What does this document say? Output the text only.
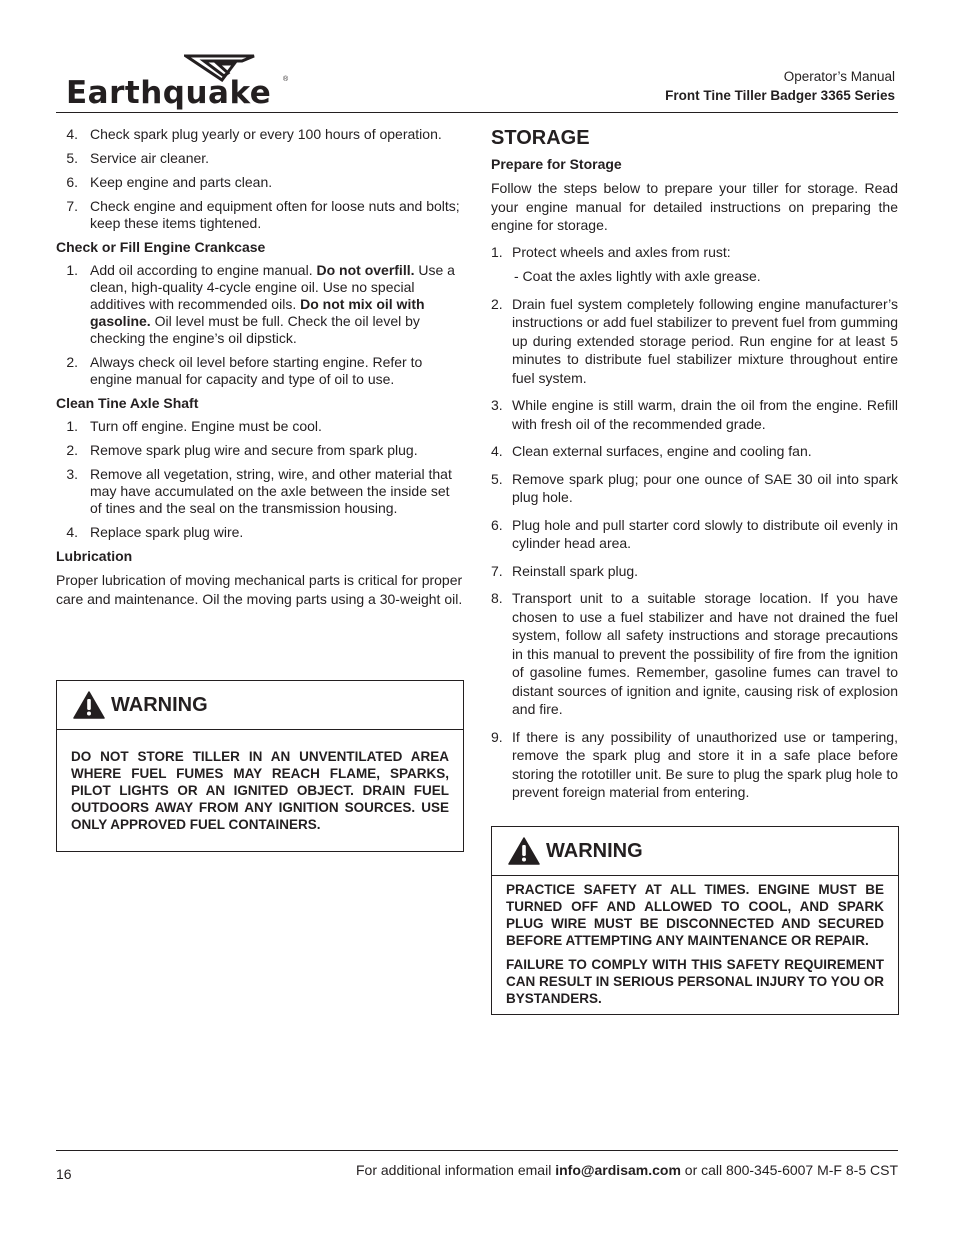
Earthquake ®	Operator’s Manual
Front Tine Tiller Badger 3365 Series
4. Check spark plug yearly or every 100 hours of operation.
5. Service air cleaner.
6. Keep engine and parts clean.
7. Check engine and equipment often for loose nuts and bolts; keep these items tightened.
Check or Fill Engine Crankcase
1. Add oil according to engine manual. Do not overfill. Use a clean, high-quality 4-cycle engine oil. Use no special additives with recommended oils. Do not mix oil with gasoline. Oil level must be full. Check the oil level by checking the engine’s oil dipstick.
2. Always check oil level before starting engine. Refer to engine manual for capacity and type of oil to use.
Clean Tine Axle Shaft
1. Turn off engine. Engine must be cool.
2. Remove spark plug wire and secure from spark plug.
3. Remove all vegetation, string, wire, and other material that may have accumulated on the axle between the inside set of tines and the seal on the transmission housing.
4. Replace spark plug wire.
Lubrication

Proper lubrication of moving mechanical parts is critical for proper care and maintenance. Oil the moving parts using a 30-weight oil.

WARNING

DO NOT STORE TILLER IN AN UNVENTILATED AREA WHERE FUEL FUMES MAY REACH FLAME, SPARKS, PILOT LIGHTS OR AN IGNITED OBJECT. DRAIN FUEL OUTDOORS AWAY FROM ANY IGNITION SOURCES. USE ONLY APPROVED FUEL CONTAINERS.

STORAGE
Prepare for Storage

Follow the steps below to prepare your tiller for storage. Read your engine manual for detailed instructions on preparing the engine for storage.

1. Protect wheels and axles from rust:
- Coat the axles lightly with axle grease.
2. Drain fuel system completely following engine manufacturer’s instructions or add fuel stabilizer to prevent fuel from gumming up during extended storage period. Run engine for at least 5 minutes to distribute fuel stabilizer mixture throughout entire fuel system.
3. While engine is still warm, drain the oil from the engine. Refill with fresh oil of the recommended grade.
4. Clean external surfaces, engine and cooling fan.
5. Remove spark plug; pour one ounce of SAE 30 oil into spark plug hole.
6. Plug hole and pull starter cord slowly to distribute oil evenly in cylinder head area.
7. Reinstall spark plug.
8. Transport unit to a suitable storage location. If you have chosen to use a fuel stabilizer and have not drained the fuel system, follow all safety instructions and storage precautions in this manual to prevent the possibility of fire from the ignition of gasoline fumes. Remember, gasoline fumes can travel to distant sources of ignition and ignite, causing risk of explosion and fire.
9. If there is any possibility of unauthorized use or tampering, remove the spark plug and store it in a safe place before storing the rototiller unit. Be sure to plug the spark plug hole to prevent foreign material from entering.
WARNING

PRACTICE SAFETY AT ALL TIMES. ENGINE MUST BE TURNED OFF AND ALLOWED TO COOL, AND SPARK PLUG WIRE MUST BE DISCONNECTED AND SECURED BEFORE ATTEMPTING ANY MAINTENANCE OR REPAIR.

FAILURE TO COMPLY WITH THIS SAFETY REQUIREMENT CAN RESULT IN SERIOUS PERSONAL INJURY TO YOU OR BYSTANDERS.

16	For additional information email info@ardisam.com or call 800-345-6007 M-F 8-5 CST
